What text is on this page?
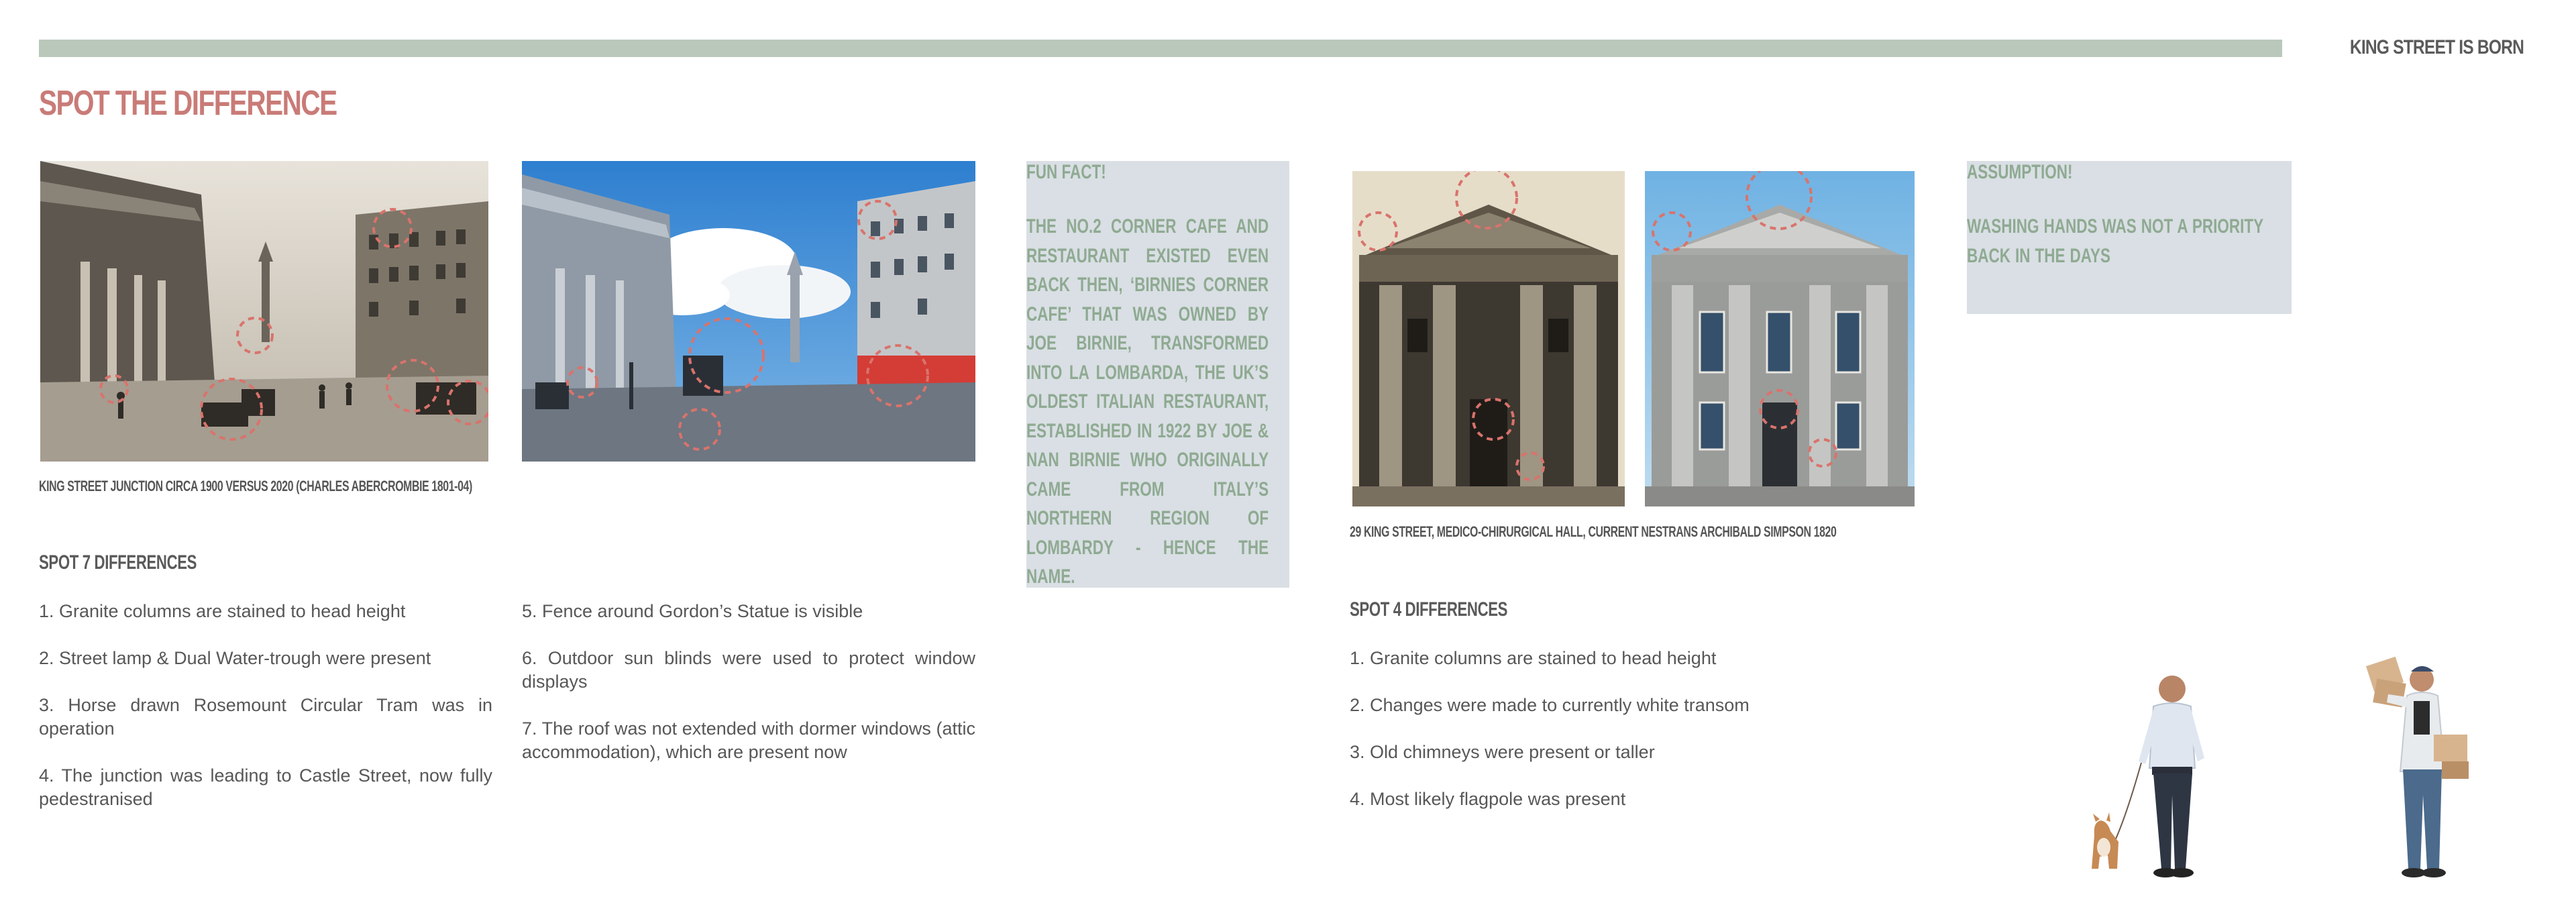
KING STREET IS BORN
SPOT THE DIFFERENCE
KING STREET JUNCTION CIRCA 1900 VERSUS 2020 (CHARLES ABERCROMBIE 1801-04)
SPOT 7 DIFFERENCES
1. Granite columns are stained to head height
2. Street lamp & Dual Water-trough were present
3. Horse drawn Rosemount Circular Tram was in operation
4. The junction was leading to Castle Street, now fully pedestranised
5. Fence around Gordon’s Statue is visible
6. Outdoor sun blinds were used to protect window displays
7. The roof was not extended with dormer windows (attic accommodation), which are present now
FUN FACT!
THE NO.2 CORNER CAFE AND RESTAURANT EXISTED EVEN BACK THEN, ‘BIRNIES CORNER CAFE’ THAT WAS OWNED BY JOE BIRNIE, TRANSFORMED INTO LA LOMBARDA, THE UK’S OLDEST ITALIAN RESTAURANT, ESTABLISHED IN 1922 BY JOE & NAN BIRNIE WHO ORIGINALLY CAME FROM ITALY’S NORTHERN REGION OF LOMBARDY - HENCE THE NAME.
29 KING STREET, MEDICO-CHIRURGICAL HALL, CURRENT NESTRANS ARCHIBALD SIMPSON 1820
SPOT 4 DIFFERENCES
1. Granite columns are stained to head height
2. Changes were made to currently white transom
3. Old chimneys were present or taller
4. Most likely flagpole was present
ASSUMPTION!
WASHING HANDS WAS NOT A PRIORITY BACK IN THE DAYS
